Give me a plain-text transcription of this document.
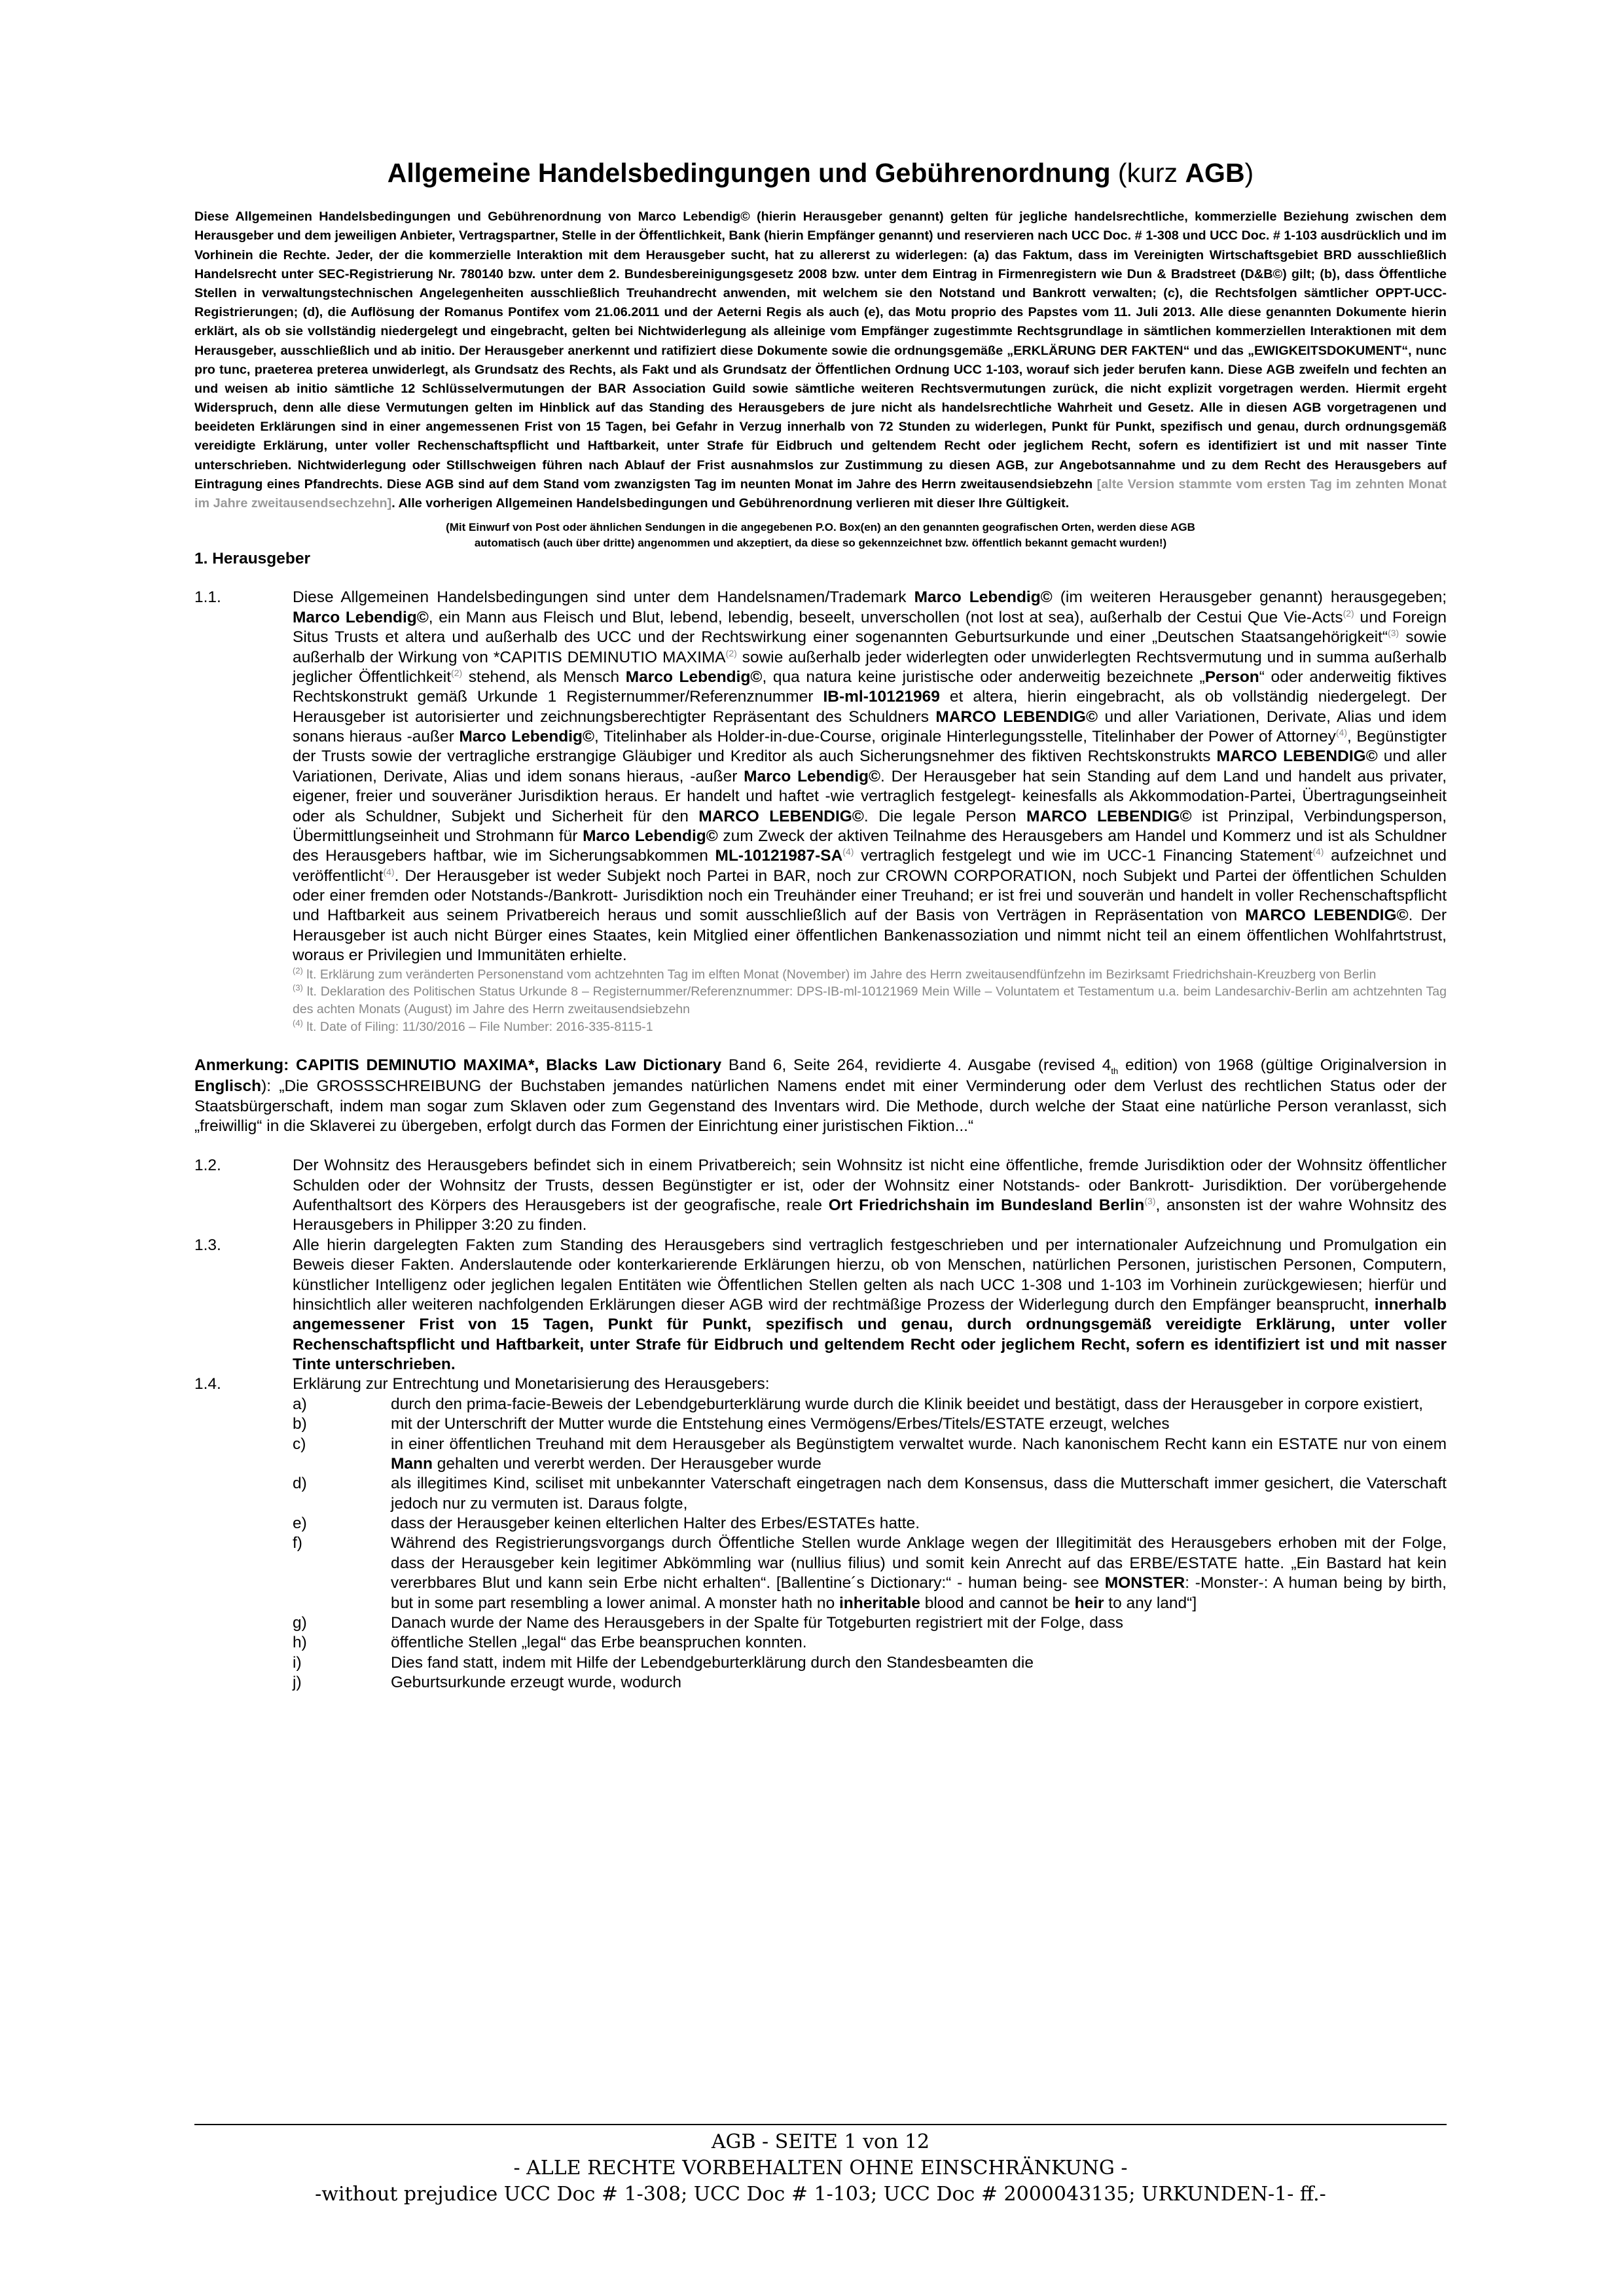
Allgemeine Handelsbedingungen und Gebührenordnung (kurz AGB)

Diese Allgemeinen Handelsbedingungen und Gebührenordnung von Marco Lebendig© (hierin Herausgeber genannt) gelten für jegliche handelsrechtliche, kommerzielle Beziehung zwischen dem Herausgeber und dem jeweiligen Anbieter, Vertragspartner, Stelle in der Öffentlichkeit, Bank (hierin Empfänger genannt) und reservieren nach UCC Doc. # 1-308 und UCC Doc. # 1-103 ausdrücklich und im Vorhinein die Rechte. Jeder, der die kommerzielle Interaktion mit dem Herausgeber sucht, hat zu allererst zu widerlegen: (a) das Faktum, dass im Vereinigten Wirtschaftsgebiet BRD ausschließlich Handelsrecht unter SEC-Registrierung Nr. 780140 bzw. unter dem 2. Bundesbereinigungsgesetz 2008 bzw. unter dem Eintrag in Firmenregistern wie Dun & Bradstreet (D&B©) gilt; (b), dass Öffentliche Stellen in verwaltungstechnischen Angelegenheiten ausschließlich Treuhandrecht anwenden, mit welchem sie den Notstand und Bankrott verwalten; (c), die Rechtsfolgen sämtlicher OPPT-UCC-Registrierungen; (d), die Auflösung der Romanus Pontifex vom 21.06.2011 und der Aeterni Regis als auch (e), das Motu proprio des Papstes vom 11. Juli 2013. Alle diese genannten Dokumente hierin erklärt, als ob sie vollständig niedergelegt und eingebracht, gelten bei Nichtwiderlegung als alleinige vom Empfänger zugestimmte Rechtsgrundlage in sämtlichen kommerziellen Interaktionen mit dem Herausgeber, ausschließlich und ab initio. Der Herausgeber anerkennt und ratifiziert diese Dokumente sowie die ordnungsgemäße „ERKLÄRUNG DER FAKTEN“ und das „EWIGKEITSDOKUMENT“, nunc pro tunc, praeterea preterea unwiderlegt, als Grundsatz des Rechts, als Fakt und als Grundsatz der Öffentlichen Ordnung UCC 1-103, worauf sich jeder berufen kann. Diese AGB zweifeln und fechten an und weisen ab initio sämtliche 12 Schlüsselvermutungen der BAR Association Guild sowie sämtliche weiteren Rechtsvermutungen zurück, die nicht explizit vorgetragen werden. Hiermit ergeht Widerspruch, denn alle diese Vermutungen gelten im Hinblick auf das Standing des Herausgebers de jure nicht als handelsrechtliche Wahrheit und Gesetz. Alle in diesen AGB vorgetragenen und beeideten Erklärungen sind in einer angemessenen Frist von 15 Tagen, bei Gefahr in Verzug innerhalb von 72 Stunden zu widerlegen, Punkt für Punkt, spezifisch und genau, durch ordnungsgemäß vereidigte Erklärung, unter voller Rechenschaftspflicht und Haftbarkeit, unter Strafe für Eidbruch und geltendem Recht oder jeglichem Recht, sofern es identifiziert ist und mit nasser Tinte unterschrieben. Nichtwiderlegung oder Stillschweigen führen nach Ablauf der Frist ausnahmslos zur Zustimmung zu diesen AGB, zur Angebotsannahme und zu dem Recht des Herausgebers auf Eintragung eines Pfandrechts. Diese AGB sind auf dem Stand vom zwanzigsten Tag im neunten Monat im Jahre des Herrn zweitausendsiebzehn [alte Version stammte vom ersten Tag im zehnten Monat im Jahre zweitausendsechzehn]. Alle vorherigen Allgemeinen Handelsbedingungen und Gebührenordnung verlieren mit dieser Ihre Gültigkeit.

(Mit Einwurf von Post oder ähnlichen Sendungen in die angegebenen P.O. Box(en) an den genannten geografischen Orten, werden diese AGB
automatisch (auch über dritte) angenommen und akzeptiert, da diese so gekennzeichnet bzw. öffentlich bekannt gemacht wurden!)
1. Herausgeber
1.1.	Diese Allgemeinen Handelsbedingungen sind unter dem Handelsnamen/Trademark Marco Lebendig© (im weiteren Herausgeber genannt) herausgegeben; Marco Lebendig©, ein Mann aus Fleisch und Blut, lebend, lebendig, beseelt, unverschollen (not lost at sea), außerhalb der Cestui Que Vie-Acts$^{(2)}$ und Foreign Situs Trusts et altera und außerhalb des UCC und der Rechtswirkung einer sogenannten Geburtsurkunde und einer „Deutschen Staatsangehörigkeit“$^{(3)}$ sowie außerhalb der Wirkung von *CAPITIS DEMINUTIO MAXIMA$^{(2)}$ sowie außerhalb jeder widerlegten oder unwiderlegten Rechtsvermutung und in summa außerhalb jeglicher Öffentlichkeit$^{(2)}$ stehend, als Mensch Marco Lebendig©, qua natura keine juristische oder anderweitig bezeichnete „Person“ oder anderweitig fiktives Rechtskonstrukt gemäß Urkunde 1 Registernummer/Referenznummer IB-ml-10121969 et altera, hierin eingebracht, als ob vollständig niedergelegt. Der Herausgeber ist autorisierter und zeichnungsberechtigter Repräsentant des Schuldners MARCO LEBENDIG© und aller Variationen, Derivate, Alias und idem sonans hieraus -außer Marco Lebendig©, Titelinhaber als Holder-in-due-Course, originale Hinterlegungsstelle, Titelinhaber der Power of Attorney$^{(4)}$, Begünstigter der Trusts sowie der vertragliche erstrangige Gläubiger und Kreditor als auch Sicherungsnehmer des fiktiven Rechtskonstrukts MARCO LEBENDIG© und aller Variationen, Derivate, Alias und idem sonans hieraus, -außer Marco Lebendig©. Der Herausgeber hat sein Standing auf dem Land und handelt aus privater, eigener, freier und souveräner Jurisdiktion heraus. Er handelt und haftet -wie vertraglich festgelegt- keinesfalls als Akkommodation-Partei, Übertragungseinheit oder als Schuldner, Subjekt und Sicherheit für den MARCO LEBENDIG©. Die legale Person MARCO LEBENDIG© ist Prinzipal, Verbindungsperson, Übermittlungseinheit und Strohmann für Marco Lebendig© zum Zweck der aktiven Teilnahme des Herausgebers am Handel und Kommerz und ist als Schuldner des Herausgebers haftbar, wie im Sicherungsabkommen ML-10121987-SA$^{(4)}$ vertraglich festgelegt und wie im UCC-1 Financing Statement$^{(4)}$ aufzeichnet und veröffentlicht$^{(4)}$. Der Herausgeber ist weder Subjekt noch Partei in BAR, noch zur CROWN CORPORATION, noch Subjekt und Partei der öffentlichen Schulden oder einer fremden oder Notstands-/Bankrott- Jurisdiktion noch ein Treuhänder einer Treuhand; er ist frei und souverän und handelt in voller Rechenschaftspflicht und Haftbarkeit aus seinem Privatbereich heraus und somit ausschließlich auf der Basis von Verträgen in Repräsentation von MARCO LEBENDIG©. Der Herausgeber ist auch nicht Bürger eines Staates, kein Mitglied einer öffentlichen Bankenassoziation und nimmt nicht teil an einem öffentlichen Wohlfahrtstrust, woraus er Privilegien und Immunitäten erhielte.

$^{(2)}$ lt. Erklärung zum veränderten Personenstand vom achtzehnten Tag im elften Monat (November) im Jahre des Herrn zweitausendfünfzehn im Bezirksamt Friedrichshain-Kreuzberg von Berlin

$^{(3)}$ lt. Deklaration des Politischen Status Urkunde 8 – Registernummer/Referenznummer: DPS-IB-ml-10121969 Mein Wille – Voluntatem et Testamentum u.a. beim Landesarchiv-Berlin am achtzehnten Tag des achten Monats (August) im Jahre des Herrn zweitausendsiebzehn

$^{(4)}$ lt. Date of Filing: 11/30/2016 – File Number: 2016-335-8115-1

Anmerkung: CAPITIS DEMINUTIO MAXIMA*, Blacks Law Dictionary Band 6, Seite 264, revidierte 4. Ausgabe (revised $4_{th}$ edition) von 1968 (gültige Originalversion in Englisch): „Die GROSSSCHREIBUNG der Buchstaben jemandes natürlichen Namens endet mit einer Verminderung oder dem Verlust des rechtlichen Status oder der Staatsbürgerschaft, indem man sogar zum Sklaven oder zum Gegenstand des Inventars wird. Die Methode, durch welche der Staat eine natürliche Person veranlasst, sich „freiwillig“ in die Sklaverei zu übergeben, erfolgt durch das Formen der Einrichtung einer juristischen Fiktion...“

1.2.	Der Wohnsitz des Herausgebers befindet sich in einem Privatbereich; sein Wohnsitz ist nicht eine öffentliche, fremde Jurisdiktion oder der Wohnsitz öffentlicher Schulden oder der Wohnsitz der Trusts, dessen Begünstigter er ist, oder der Wohnsitz einer Notstands- oder Bankrott- Jurisdiktion. Der vorübergehende Aufenthaltsort des Körpers des Herausgebers ist der geografische, reale Ort Friedrichshain im Bundesland Berlin$^{(3)}$, ansonsten ist der wahre Wohnsitz des Herausgebers in Philipper 3:20 zu finden.
1.3.	Alle hierin dargelegten Fakten zum Standing des Herausgebers sind vertraglich festgeschrieben und per internationaler Aufzeichnung und Promulgation ein Beweis dieser Fakten. Anderslautende oder konterkarierende Erklärungen hierzu, ob von Menschen, natürlichen Personen, juristischen Personen, Computern, künstlicher Intelligenz oder jeglichen legalen Entitäten wie Öffentlichen Stellen gelten als nach UCC 1-308 und 1-103 im Vorhinein zurückgewiesen; hierfür und hinsichtlich aller weiteren nachfolgenden Erklärungen dieser AGB wird der rechtmäßige Prozess der Widerlegung durch den Empfänger beansprucht, innerhalb angemessener Frist von 15 Tagen, Punkt für Punkt, spezifisch und genau, durch ordnungsgemäß vereidigte Erklärung, unter voller Rechenschaftspflicht und Haftbarkeit, unter Strafe für Eidbruch und geltendem Recht oder jeglichem Recht, sofern es identifiziert ist und mit nasser Tinte unterschrieben.
1.4.	Erklärung zur Entrechtung und Monetarisierung des Herausgebers:
a)	durch den prima-facie-Beweis der Lebendgeburterklärung wurde durch die Klinik beeidet und bestätigt, dass der Herausgeber in corpore existiert,
b)	mit der Unterschrift der Mutter wurde die Entstehung eines Vermögens/Erbes/Titels/ESTATE erzeugt, welches
c)	in einer öffentlichen Treuhand mit dem Herausgeber als Begünstigtem verwaltet wurde. Nach kanonischem Recht kann ein ESTATE nur von einem Mann gehalten und vererbt werden. Der Herausgeber wurde
d)	als illegitimes Kind, sciliset mit unbekannter Vaterschaft eingetragen nach dem Konsensus, dass die Mutterschaft immer gesichert, die Vaterschaft jedoch nur zu vermuten ist. Daraus folgte,
e)	dass der Herausgeber keinen elterlichen Halter des Erbes/ESTATEs hatte.
f)	Während des Registrierungsvorgangs durch Öffentliche Stellen wurde Anklage wegen der Illegitimität des Herausgebers erhoben mit der Folge, dass der Herausgeber kein legitimer Abkömmling war (nullius filius) und somit kein Anrecht auf das ERBE/ESTATE hatte. „Ein Bastard hat kein vererbbares Blut und kann sein Erbe nicht erhalten“. [Ballentine´s Dictionary:“ - human being- see MONSTER: -Monster-: A human being by birth, but in some part resembling a lower animal. A monster hath no inheritable blood and cannot be heir to any land“]
g)	Danach wurde der Name des Herausgebers in der Spalte für Totgeburten registriert mit der Folge, dass
h)	öffentliche Stellen „legal“ das Erbe beanspruchen konnten.
i)	Dies fand statt, indem mit Hilfe der Lebendgeburterklärung durch den Standesbeamten die
j)	Geburtsurkunde erzeugt wurde, wodurch
AGB - SEITE 1 von 12
- ALLE RECHTE VORBEHALTEN OHNE EINSCHRÄNKUNG -
-without prejudice UCC Doc # 1-308; UCC Doc # 1-103; UCC Doc # 2000043135; URKUNDEN-1- ff.-
